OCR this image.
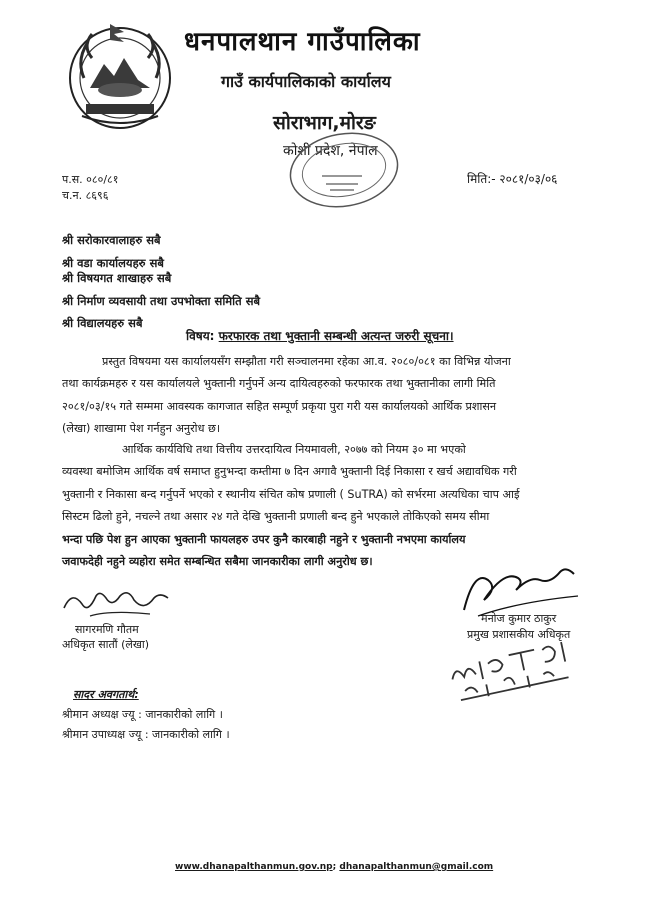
धनपालथान गाउँपालिका
गाउँ कार्यपालिकाको कार्यालय
सोराभाग,मोरङ
कोशी प्रदेश, नेपाल
प.स. ०८०/८१
च.न. ८६९६
मिति:- २०८१/०३/०६
श्री सरोकारवालाहरु सबै
श्री वडा कार्यालयहरु सबै
श्री विषयगत शाखाहरु सबै
श्री निर्माण व्यवसायी तथा उपभोक्ता समिति सबै
श्री विद्यालयहरु सबै
विषय: फरफारक तथा भुक्तानी सम्बन्धी अत्यन्त जरुरी सूचना।
प्रस्तुत विषयमा यस कार्यालयसँग सम्झौता गरी सञ्चालनमा रहेका आ.व. २०८०/०८१ का विभिन्न योजना
तथा कार्यक्रमहरु र यस कार्यालयले भुक्तानी गर्नुपर्ने अन्य दायित्वहरुको फरफारक तथा भुक्तानीका लागी मिति
२०८१/०३/१५ गते सम्ममा आवस्यक कागजात सहित सम्पूर्ण प्रकृया पुरा गरी यस कार्यालयको आर्थिक प्रशासन
(लेखा) शाखामा पेश गर्नहुन अनुरोध छ।
आर्थिक कार्यविधि तथा वित्तीय उत्तरदायित्व नियमावली, २०७७ को नियम ३० मा भएको
व्यवस्था बमोजिम आर्थिक वर्ष समाप्त हुनुभन्दा कम्तीमा ७ दिन अगावै भुक्तानी दिई निकासा र खर्च अद्यावधिक गरी
भुक्तानी र निकासा बन्द गर्नुपर्ने भएको र स्थानीय संचित कोष प्रणाली ( SuTRA) को सर्भरमा अत्यधिका चाप आई
सिस्टम ढिलो हुने, नचल्ने तथा असार २४ गते देखि भुक्तानी प्रणाली बन्द हुने भएकाले तोकिएको समय सीमा
भन्दा पछि पेश हुन आएका भुक्तानी फायलहरु उपर कुनै कारबाही नहुने र भुक्तानी नभएमा कार्यालय
जवाफदेही नहुने व्यहोरा समेत सम्बन्धित सबैमा जानकारीका लागी अनुरोध छ।
सागरमणि गौतम
अधिकृत सातौं (लेखा)
मनोज कुमार ठाकुर
प्रमुख प्रशासकीय अधिकृत
सादर अवगतार्थ:
श्रीमान अध्यक्ष ज्यू : जानकारीको लागि ।
श्रीमान उपाध्यक्ष ज्यू : जानकारीको लागि ।
www.dhanapalthanmun.gov.np; dhanapalthanmun@gmail.com
